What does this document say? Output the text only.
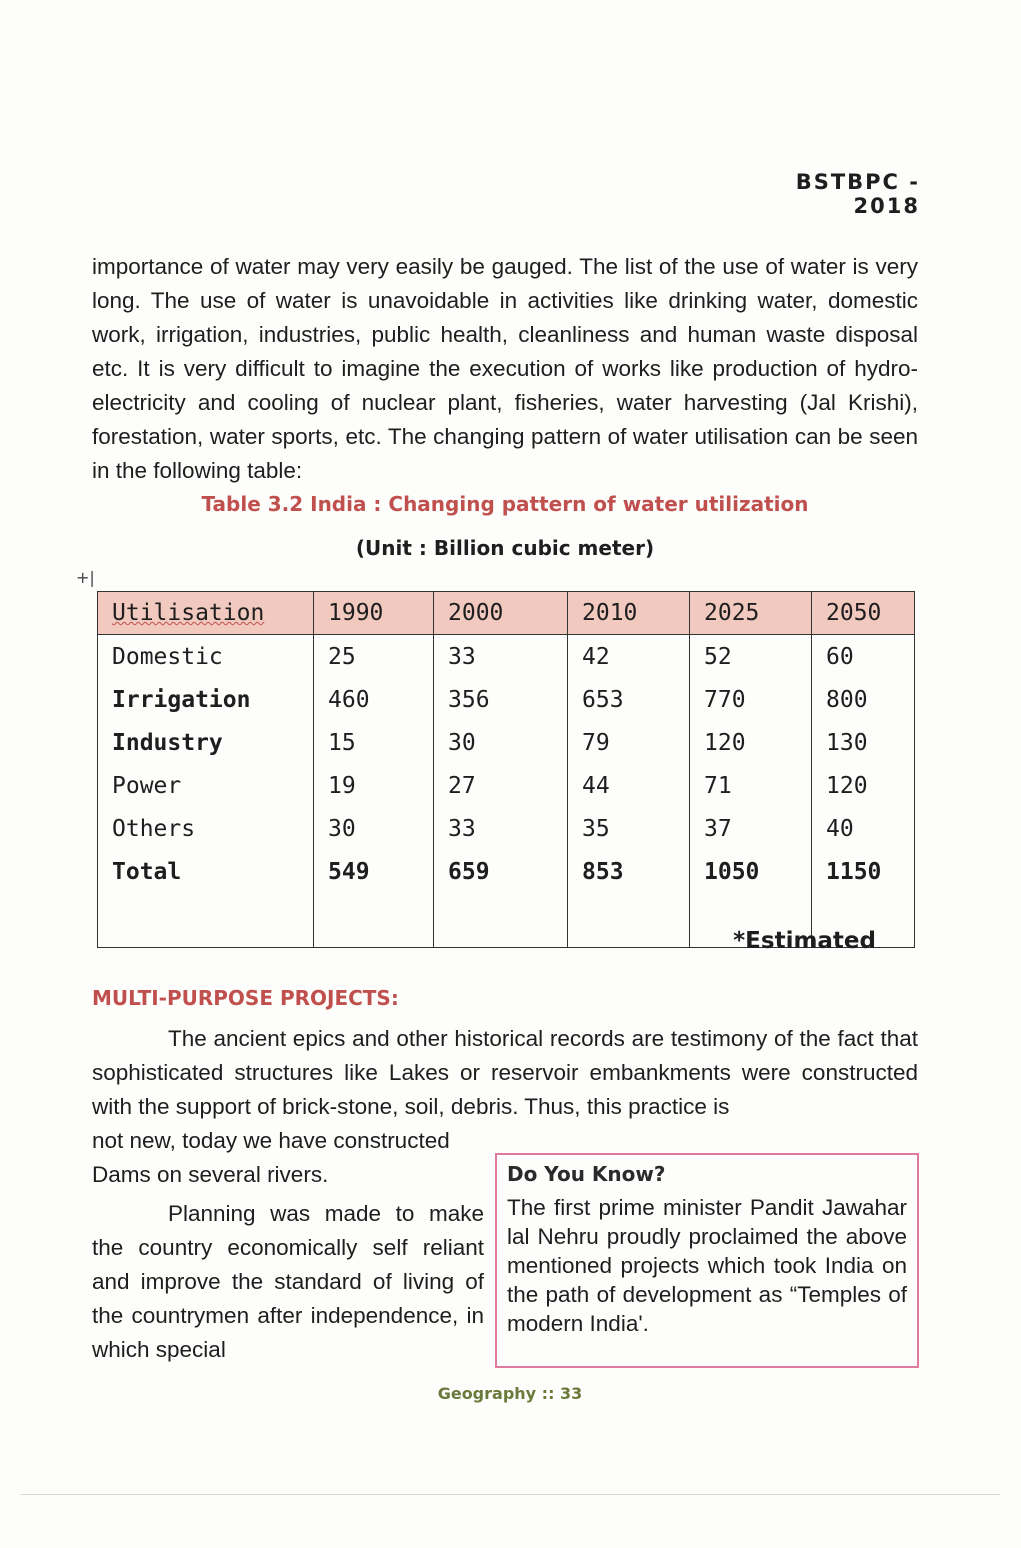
BSTBPC - 2018

importance of water may very easily be gauged. The list of the use of water is very long. The use of water is unavoidable in activities like drinking water, domestic work, irrigation, industries, public health, cleanliness and human waste disposal etc. It is very difficult to imagine the execution of works like production of hydro-electricity and cooling of nuclear plant, fisheries, water harvesting (Jal Krishi), forestation, water sports, etc. The changing pattern of water utilisation can be seen in the following table:

Table 3.2 India : Changing pattern of water utilization
(Unit : Billion cubic meter)
+|
Utilisation	1990	2000	2010	2025	2050
Domestic	25	33	42	52	60
Irrigation	460	356	653	770	800
Industry	15	30	79	120	130
Power	19	27	44	71	120
Others	30	33	35	37	40
Total	549	659	853	1050	1150

*Estimated
MULTI-PURPOSE PROJECTS:

The ancient epics and other historical records are testimony of the fact that sophisticated structures like Lakes or reservoir embankments were constructed with the support of brick-stone, soil, debris. Thus, this practice is

not new, today we have constructed Dams on several rivers.

Planning was made to make the country economically self reliant and improve the standard of living of the countrymen after independence, in which special

Do You Know?
The first prime minister Pandit Jawahar lal Nehru proudly proclaimed the above mentioned projects which took India on the path of development as “Temples of modern India'.
Geography :: 33
